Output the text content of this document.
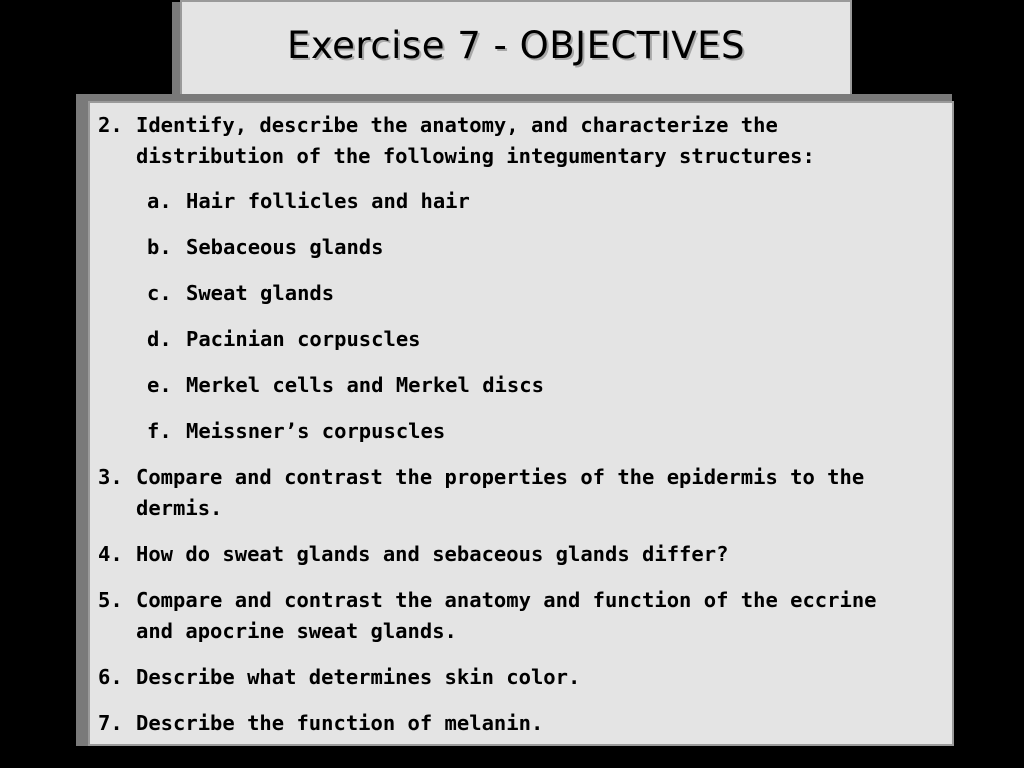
Exercise 7 - OBJECTIVES
2. Identify, describe the anatomy, and characterize the
distribution of the following integumentary structures:
a. Hair follicles and hair
b. Sebaceous glands
c. Sweat glands
d. Pacinian corpuscles
e. Merkel cells and Merkel discs
f. Meissner’s corpuscles
3. Compare and contrast the properties of the epidermis to the
dermis.
4. How do sweat glands and sebaceous glands differ?
5. Compare and contrast the anatomy and function of the eccrine
and apocrine sweat glands.
6. Describe what determines skin color.
7. Describe the function of melanin.
